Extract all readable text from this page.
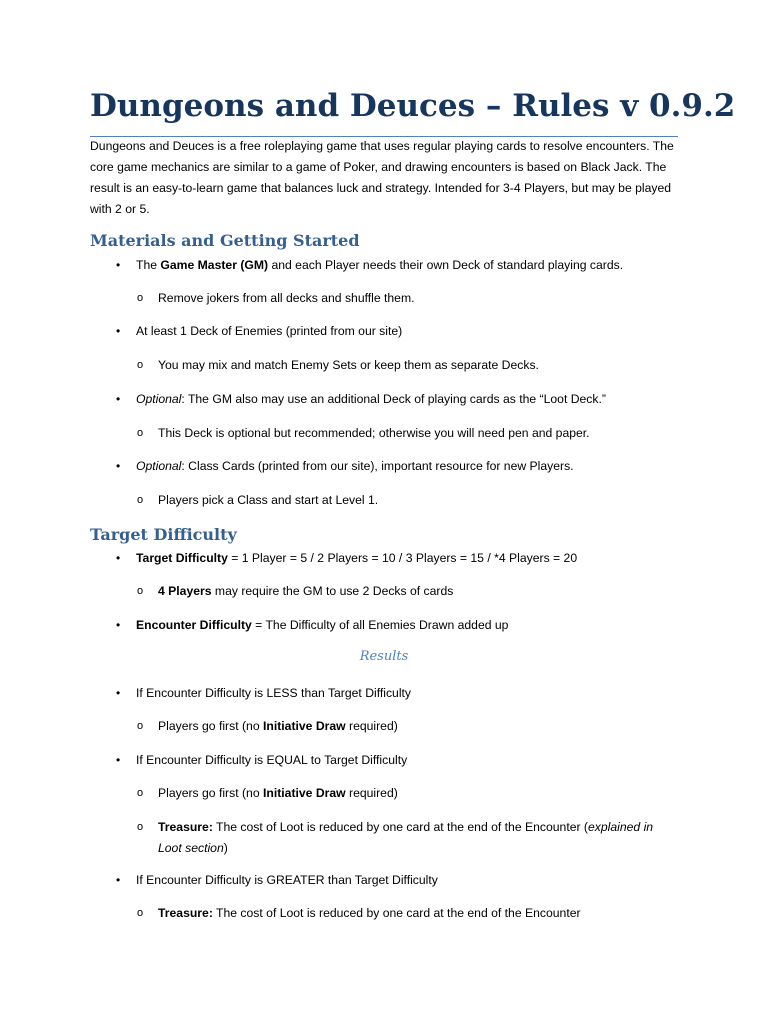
Dungeons and Deuces – Rules v 0.9.2
Dungeons and Deuces is a free roleplaying game that uses regular playing cards to resolve encounters. The core game mechanics are similar to a game of Poker, and drawing encounters is based on Black Jack. The result is an easy-to-learn game that balances luck and strategy. Intended for 3-4 Players, but may be played with 2 or 5.
Materials and Getting Started
• The Game Master (GM) and each Player needs their own Deck of standard playing cards.
o Remove jokers from all decks and shuffle them.
• At least 1 Deck of Enemies (printed from our site)
o You may mix and match Enemy Sets or keep them as separate Decks.
• Optional: The GM also may use an additional Deck of playing cards as the “Loot Deck.”
o This Deck is optional but recommended; otherwise you will need pen and paper.
• Optional: Class Cards (printed from our site), important resource for new Players.
o Players pick a Class and start at Level 1.
Target Difficulty
• Target Difficulty = 1 Player = 5 / 2 Players = 10 / 3 Players = 15 / *4 Players = 20
o 4 Players may require the GM to use 2 Decks of cards
• Encounter Difficulty = The Difficulty of all Enemies Drawn added up
Results
• If Encounter Difficulty is LESS than Target Difficulty
o Players go first (no Initiative Draw required)
• If Encounter Difficulty is EQUAL to Target Difficulty
o Players go first (no Initiative Draw required)
o Treasure: The cost of Loot is reduced by one card at the end of the Encounter (explained in Loot section)
• If Encounter Difficulty is GREATER than Target Difficulty
o Treasure: The cost of Loot is reduced by one card at the end of the Encounter
